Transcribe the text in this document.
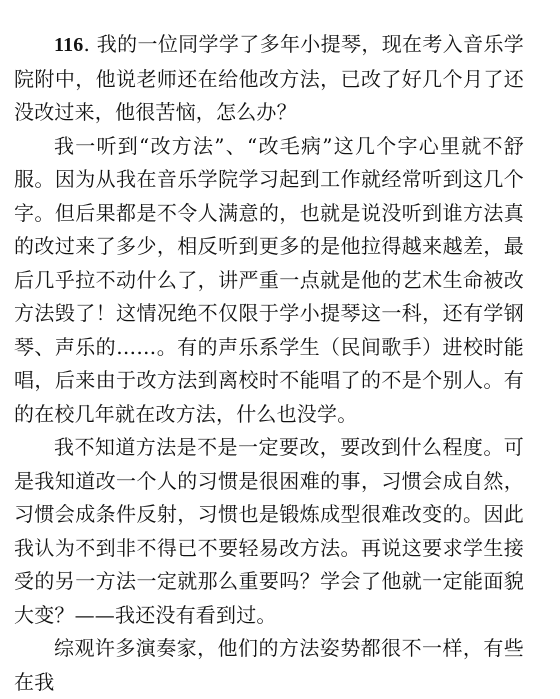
116. 我的一位同学学了多年小提琴，现在考入音乐学院附中，他说老师还在给他改方法，已改了好几个月了还没改过来，他很苦恼，怎么办？

我一听到“改方法”、“改毛病”这几个字心里就不舒服。因为从我在音乐学院学习起到工作就经常听到这几个字。但后果都是不令人满意的，也就是说没听到谁方法真的改过来了多少，相反听到更多的是他拉得越来越差，最后几乎拉不动什么了，讲严重一点就是他的艺术生命被改方法毁了！这情况绝不仅限于学小提琴这一科，还有学钢琴、声乐的……。有的声乐系学生（民间歌手）进校时能唱，后来由于改方法到离校时不能唱了的不是个别人。有的在校几年就在改方法，什么也没学。

我不知道方法是不是一定要改，要改到什么程度。可是我知道改一个人的习惯是很困难的事，习惯会成自然，习惯会成条件反射，习惯也是锻炼成型很难改变的。因此我认为不到非不得已不要轻易改方法。再说这要求学生接受的另一方法一定就那么重要吗？学会了他就一定能面貌大变？——我还没有看到过。

综观许多演奏家，他们的方法姿势都很不一样，有些在我
